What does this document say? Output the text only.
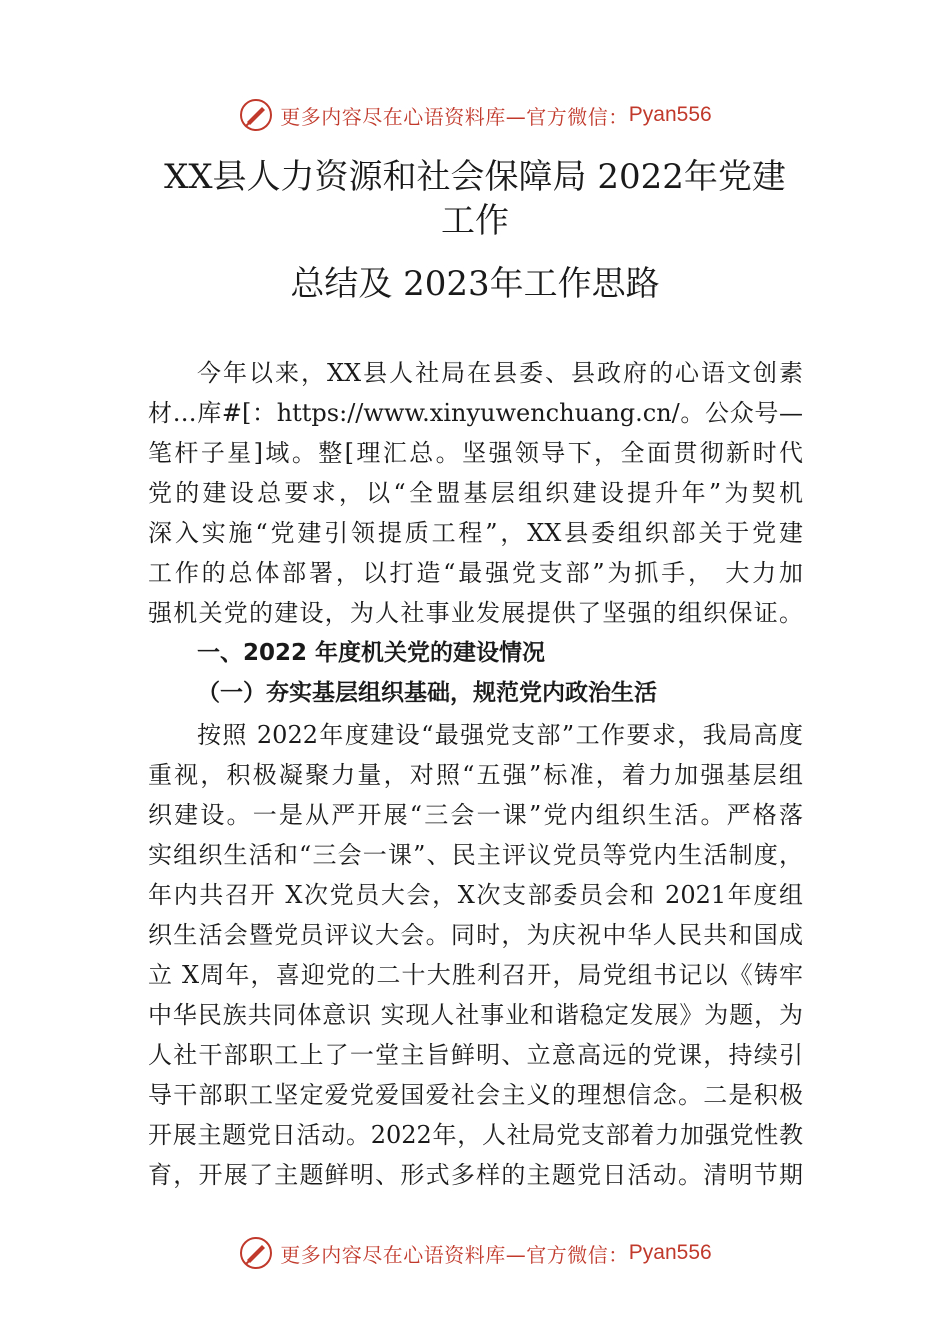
更多内容尽在心语资料库—官方微信： Pyan556
XX县人力资源和社会保障局 2022年党建
工作
总结及 2023年工作思路
今年以来，XX县人社局在县委、县政府的心语文创素
材…库#[：https://www.xinyuwenchuang.cn/。公众号—
笔杆子星]域。整[理汇总。坚强领导下，全面贯彻新时代
党的建设总要求，以“全盟基层组织建设提升年”为契机
深入实施“党建引领提质工程”，XX县委组织部关于党建
工作的总体部署，以打造“最强党支部”为抓手， 大力加
强机关党的建设，为人社事业发展提供了坚强的组织保证。
一、2022 年度机关党的建设情况
（一）夯实基层组织基础，规范党内政治生活
按照 2022年度建设“最强党支部”工作要求，我局高度
重视，积极凝聚力量，对照“五强”标准，着力加强基层组
织建设。一是从严开展“三会一课”党内组织生活。严格落
实组织生活和“三会一课”、民主评议党员等党内生活制度，
年内共召开 X次党员大会，X次支部委员会和 2021年度组
织生活会暨党员评议大会。同时，为庆祝中华人民共和国成
立 X周年，喜迎党的二十大胜利召开，局党组书记以《铸牢
中华民族共同体意识 实现人社事业和谐稳定发展》为题，为
人社干部职工上了一堂主旨鲜明、立意高远的党课，持续引
导干部职工坚定爱党爱国爱社会主义的理想信念。二是积极
开展主题党日活动。2022年，人社局党支部着力加强党性教
育，开展了主题鲜明、形式多样的主题党日活动。清明节期
更多内容尽在心语资料库—官方微信： Pyan556
